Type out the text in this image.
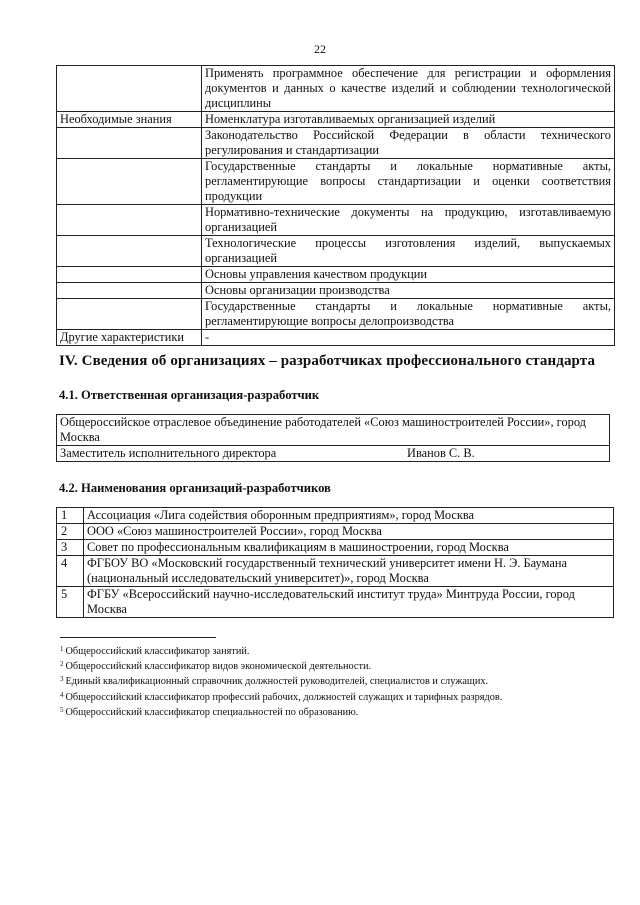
22
	Применять программное обеспечение для регистрации и оформления документов и данных о качестве изделий и соблюдении технологической дисциплины
Необходимые знания	Номенклатура изготавливаемых организацией изделий
	Законодательство Российской Федерации в области технического регулирования и стандартизации
	Государственные стандарты и локальные нормативные акты, регламентирующие вопросы стандартизации и оценки соответствия продукции
	Нормативно-технические документы на продукцию, изготавливаемую организацией
	Технологические процессы изготовления изделий, выпускаемых организацией
	Основы управления качеством продукции
	Основы организации производства
	Государственные стандарты и локальные нормативные акты, регламентирующие вопросы делопроизводства
Другие характеристики	-
IV. Сведения об организациях – разработчиках профессионального стандарта
4.1. Ответственная организация-разработчик
Общероссийское отраслевое объединение работодателей «Союз машиностроителей России», город Москва
Заместитель исполнительного директора	Иванов С. В.
4.2. Наименования организаций-разработчиков
1	Ассоциация «Лига содействия оборонным предприятиям», город Москва
2	ООО «Союз машиностроителей России», город Москва
3	Совет по профессиональным квалификациям в машиностроении, город Москва
4	ФГБОУ ВО «Московский государственный технический университет имени Н. Э. Баумана (национальный исследовательский университет)», город Москва
5	ФГБУ «Всероссийский научно-исследовательский институт труда» Минтруда России, город Москва
$^1$ Общероссийский классификатор занятий.
$^2$ Общероссийский классификатор видов экономической деятельности.
$^3$ Единый квалификационный справочник должностей руководителей, специалистов и служащих.
$^4$ Общероссийский классификатор профессий рабочих, должностей служащих и тарифных разрядов.
$^5$ Общероссийский классификатор специальностей по образованию.
